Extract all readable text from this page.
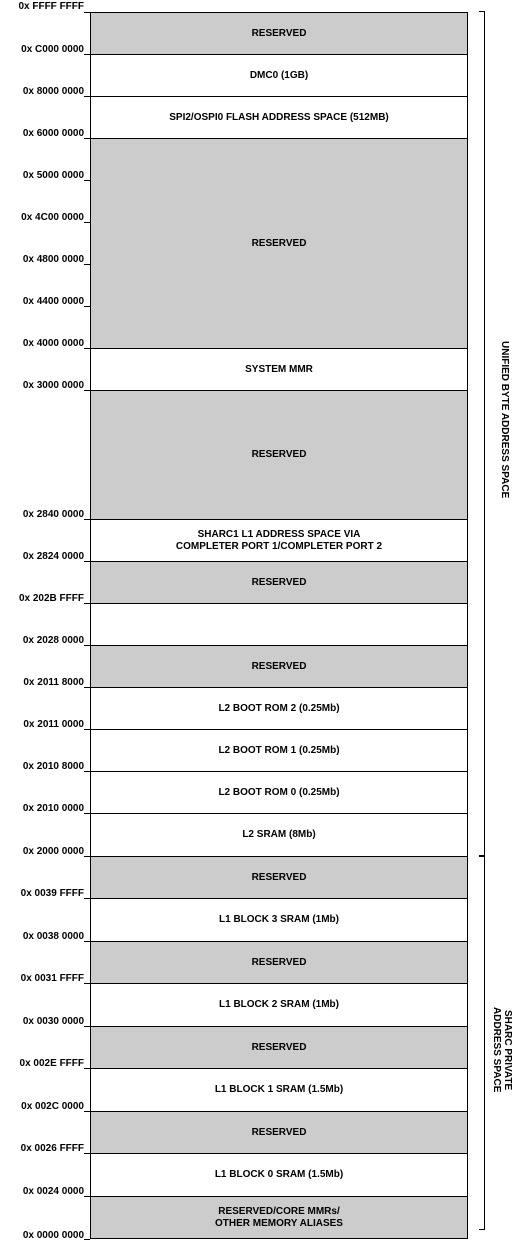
0x FFFF FFFF
0x C000 0000
0x 8000 0000
0x 6000 0000
0x 5000 0000
0x 4C00 0000
0x 4800 0000
0x 4400 0000
0x 4000 0000
0x 3000 0000
0x 2840 0000
0x 2824 0000
0x 202B FFFF
0x 2028 0000
0x 2011 8000
0x 2011 0000
0x 2010 8000
0x 2010 0000
0x 2000 0000
0x 0039 FFFF
0x 0038 0000
0x 0031 FFFF
0x 0030 0000
0x 002E FFFF
0x 002C 0000
0x 0026 FFFF
0x 0024 0000
0x 0000 0000
RESERVED
DMC0 (1GB)
SPI2/OSPI0 FLASH ADDRESS SPACE (512MB)
RESERVED
SYSTEM MMR
RESERVED
SHARC1 L1 ADDRESS SPACE VIA
COMPLETER PORT 1/COMPLETER PORT 2
RESERVED
RESERVED
L2 BOOT ROM 2 (0.25Mb)
L2 BOOT ROM 1 (0.25Mb)
L2 BOOT ROM 0 (0.25Mb)
L2 SRAM (8Mb)
RESERVED
L1 BLOCK 3 SRAM (1Mb)
RESERVED
L1 BLOCK 2 SRAM (1Mb)
RESERVED
L1 BLOCK 1 SRAM (1.5Mb)
RESERVED
L1 BLOCK 0 SRAM (1.5Mb)
RESERVED/CORE MMRs/
OTHER MEMORY ALIASES
UNIFIED BYTE ADDRESS SPACE
SHARC PRIVATE
ADDRESS SPACE
